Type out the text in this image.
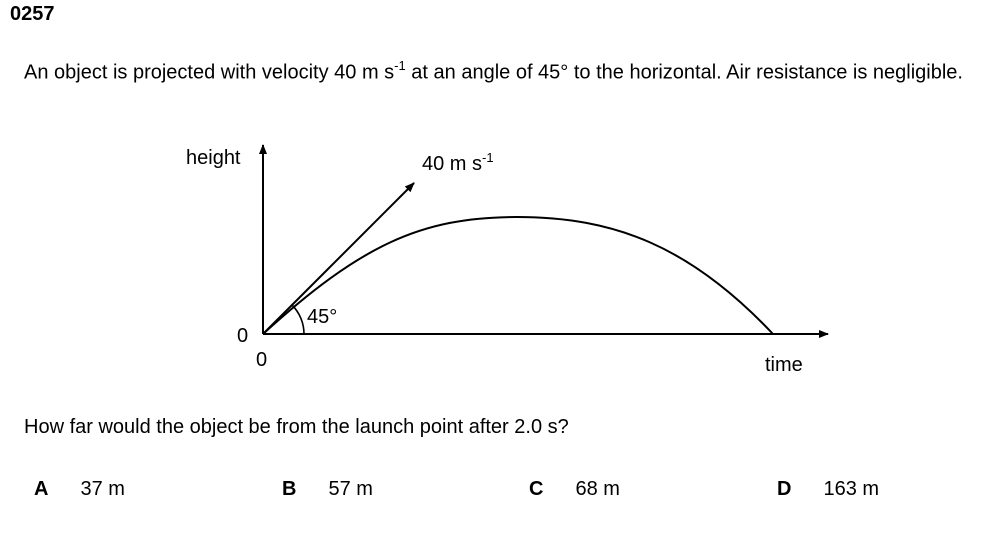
0257
An object is projected with velocity 40 m $s^{-1}$ at an angle of 45° to the horizontal. Air resistance is negligible.
height
time
0
0
45°
40 m $s^{-1}$
How far would the object be from the launch point after 2.0 s?
A 37 m	B 57 m	C 68 m	D 163 m
